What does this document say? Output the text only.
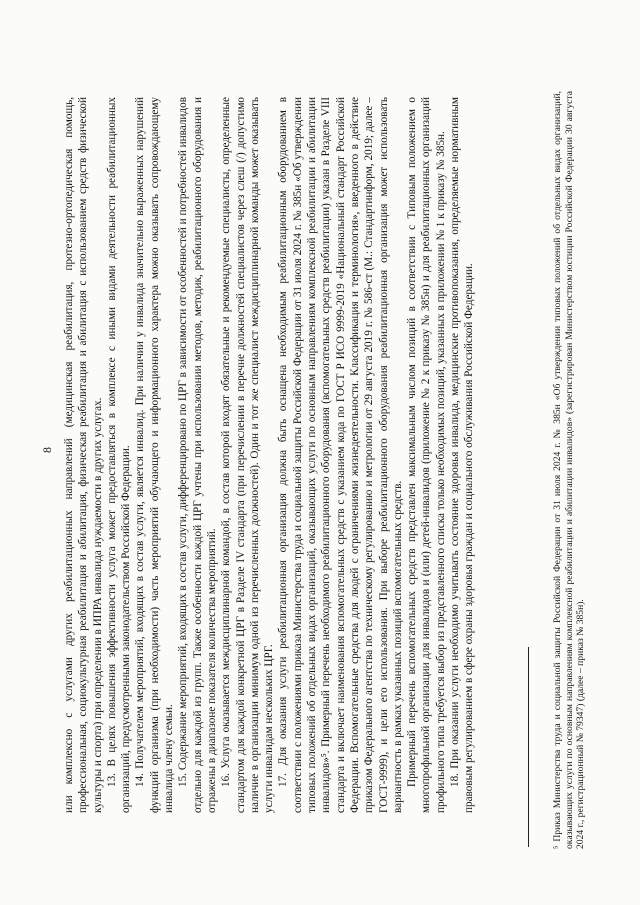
8 или комплексно с услугами других реабилитационных направлений (медицинская реабилитация, протезно-ортопедическая помощь, профессиональная, социокультурная реабилитация и абилитация, физическая реабилитация и абилитация с использованием средств физической культуры и спорта) при определении в ИПРА инвалида нуждаемости в других услугах. 13. В целях повышения эффективности услуга может предоставляться в комплексе с иными видами деятельности реабилитационных организаций, предусмотренными законодательством Российской Федерации. 14. Получателем мероприятий, входящих в состав услуги, является инвалид. При наличии у инвалида значительно выраженных нарушений функций организма (при необходимости) часть мероприятий обучающего и информационного характера можно оказывать сопровождающему инвалида члену семьи. 15. Содержание мероприятий, входящих в состав услуги, дифференцировано по ЦРГ в зависимости от особенностей и потребностей инвалидов отдельно для каждой из групп. Также особенности каждой ЦРГ учтены при использовании методов, методик, реабилитационного оборудования и отражены в диапазоне показателя количества мероприятий. 16. Услуга оказывается междисциплинарной командой, в состав которой входят обязательные и рекомендуемые специалисты, определенные стандартом для каждой конкретной ЦРГ в Разделе IV стандарта (при перечислении в перечне должностей специалистов через слеш (/) допустимо наличие в организации минимум одной из перечисленных должностей). Один и тот же специалист междисциплинарной команды может оказывать услуги инвалидам нескольких ЦРГ. 17. Для оказания услуги реабилитационная организация должна быть оснащена необходимым реабилитационным оборудованием в соответствии с положениями приказа Министерства труда и социальной защиты Российской Федерации от 31 июля 2024 г. № 385н «Об утверждении типовых положений об отдельных видах организаций, оказывающих услуги по основным направлениям комплексной реабилитации и абилитации инвалидов»⁵. Примерный перечень необходимого реабилитационного оборудования (вспомогательных средств реабилитации) указан в Разделе VIII стандарта и включает наименования вспомогательных средств с указанием кода по ГОСТ Р ИСО 9999-2019 «Национальный стандарт Российской Федерации. Вспомогательные средства для людей с ограничениями жизнедеятельности. Классификация и терминология», введенного в действие приказом Федерального агентства по техническому регулированию и метрологии от 29 августа 2019 г. № 586-ст (М.: Стандартинформ, 2019; далее – ГОСТ-9999), и цели его использования. При выборе реабилитационного оборудования реабилитационная организация может использовать вариантность в рамках указанных позиций вспомогательных средств. Примерный перечень вспомогательных средств представлен максимальным числом позиций в соответствии с Типовым положением о многопрофильной организации для инвалидов и (или) детей-инвалидов (приложение № 2 к приказу № 385н) и для реабилитационных организаций профильного типа требуется выбор из представленного списка только необходимых позиций, указанных в приложении № 1 к приказу № 385н. 18. При оказании услуги необходимо учитывать состояние здоровья инвалида, медицинские противопоказания, определяемые нормативным правовым регулированием в сфере охраны здоровья граждан и социального обслуживания Российской Федерации.	⁵ Приказ Министерства труда и социальной защиты Российской Федерации от 31 июля 2024 г. № 385н «Об утверждении типовых положений об отдельных видах организаций, оказывающих услуги по основным направлениям комплексной реабилитации и абилитации инвалидов» (зарегистрирован Министерством юстиции Российской Федерации 30 августа 2024 г., регистрационный № 79347) (далее – приказ № 385н).
